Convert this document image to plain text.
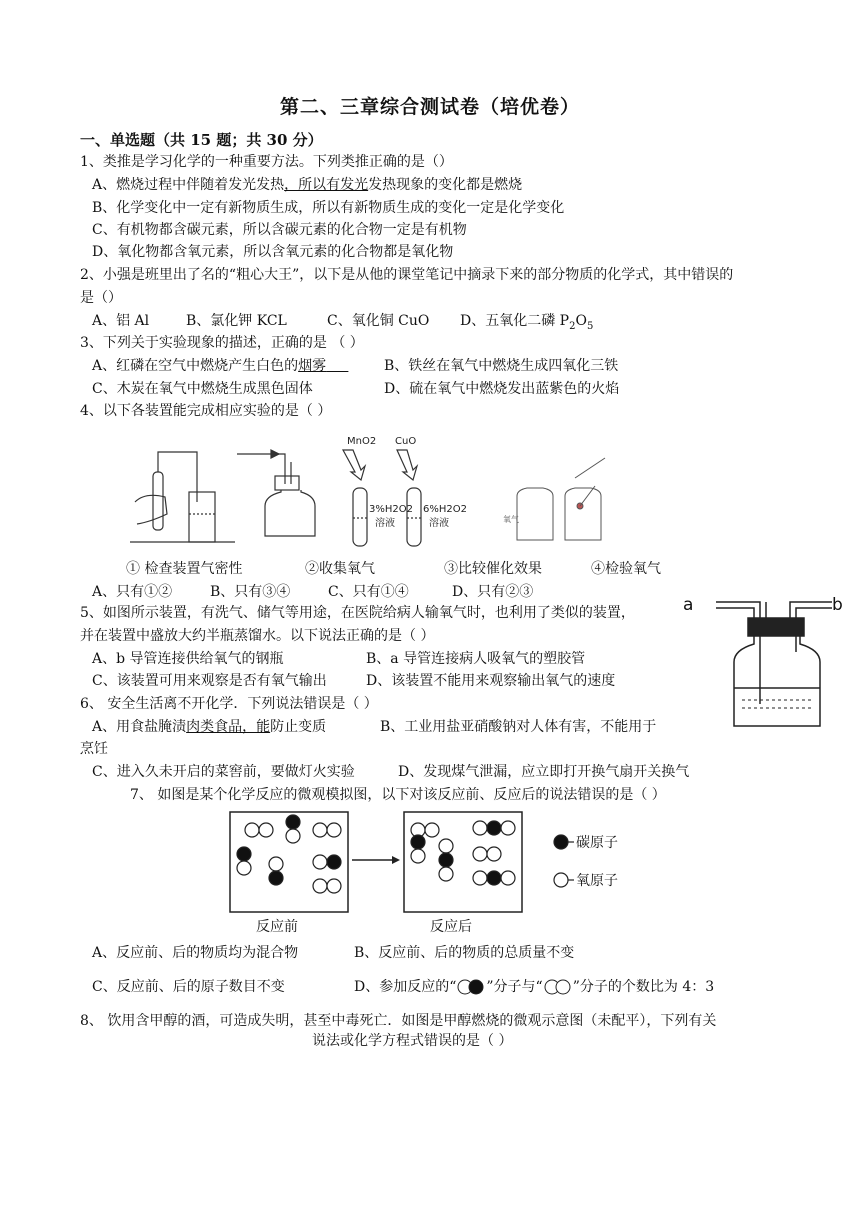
第二、三章综合测试卷（培优卷）
一、单选题（共 15 题；共 30 分）
1、类推是学习化学的一种重要方法。下列类推正确的是（）
A、燃烧过程中伴随着发光发热，所以有发光发热现象的变化都是燃烧
B、化学变化中一定有新物质生成，所以有新物质生成的变化一定是化学变化
C、有机物都含碳元素，所以含碳元素的化合物一定是有机物
D、氧化物都含氧元素，所以含氧元素的化合物都是氧化物
2、小强是班里出了名的“粗心大王”，以下是从他的课堂笔记中摘录下来的部分物质的化学式，其中错误的
是（）
A、铝 Al	B、氯化钾 KCL	C、氧化铜 CuO D、五氧化二磷 $P_2O_5$
3、下列关于实验现象的描述，正确的是 （ ）
A、红磷在空气中燃烧产生白色的烟雾	B、铁丝在氧气中燃烧生成四氧化三铁
C、木炭在氧气中燃烧生成黑色固体	D、硫在氧气中燃烧发出蓝紫色的火焰
4、以下各装置能完成相应实验的是（ ）
MnO2 CuO
3%H2O2
溶液
6%H2O2
溶液	氧气
① 检查装置气密性	②收集氧气	③比较催化效果	④检验氧气
A、只有①②	B、只有③④	C、只有①④	D、只有②③
5、如图所示装置，有洗气、储气等用途，在医院给病人输氧气时，也利用了类似的装置，
并在装置中盛放大约半瓶蒸馏水。以下说法正确的是（ ）
A、b 导管连接供给氧气的钢瓶	B、a 导管连接病人吸氧气的塑胶管
C、该装置可用来观察是否有氧气输出	D、该装置不能用来观察输出氧气的速度
a	b
6、 安全生活离不开化学．下列说法错误是（ ）
A、用食盐腌渍肉类食品，能防止变质	B、工业用盐亚硝酸钠对人体有害，不能用于
烹饪
C、进入久未开启的菜窖前，要做灯火实验	D、发现煤气泄漏，应立即打开换气扇开关换气
7、 如图是某个化学反应的微观模拟图，以下对该反应前、反应后的说法错误的是（ ）
碳原子
氧原子
反应前	反应后
A、反应前、后的物质均为混合物	B、反应前、后的物质的总质量不变
C、反应前、后的原子数目不变	D、参加反应的“ ”分子与“ ”分子的个数比为 4：3
8、 饮用含甲醇的酒，可造成失明，甚至中毒死亡．如图是甲醇燃烧的微观示意图（未配平），下列有关
说法或化学方程式错误的是（ ）
